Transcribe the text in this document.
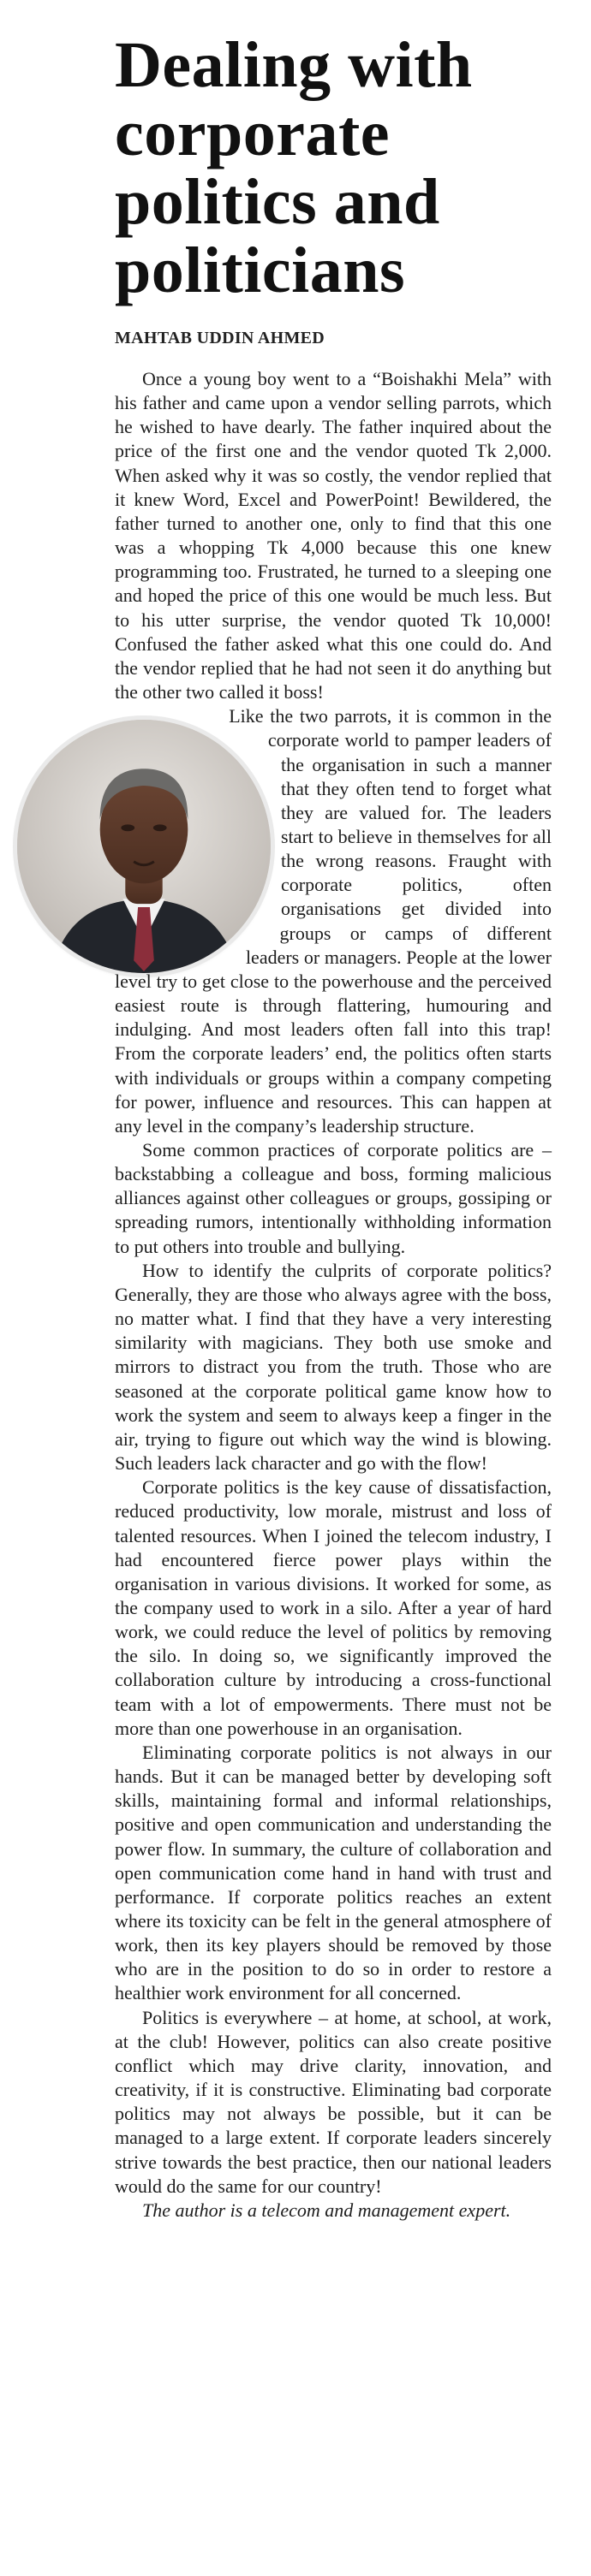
Dealing with corporate politics and politicians
MAHTAB UDDIN AHMED

Once a young boy went to a “Boishakhi Mela” with his father and came upon a vendor selling parrots, which he wished to have dearly. The father inquired about the price of the first one and the vendor quoted Tk 2,000. When asked why it was so costly, the vendor replied that it knew Word, Excel and PowerPoint! Bewildered, the father turned to another one, only to find that this one was a whopping Tk 4,000 because this one knew programming too. Frustrated, he turned to a sleeping one and hoped the price of this one would be much less. But to his utter surprise, the vendor quoted Tk 10,000! Confused the father asked what this one could do. And the vendor replied that he had not seen it do anything but the other two called it boss!

Like the two parrots, it is common in the corporate world to pamper leaders of the organisation in such a manner that they often tend to forget what they are valued for. The leaders start to believe in themselves for all the wrong reasons. Fraught with corporate politics, often organisations get divided into groups or camps of different leaders or managers. People at the lower level try to get close to the powerhouse and the perceived easiest route is through flattering, humouring and indulging. And most leaders often fall into this trap! From the corporate leaders’ end, the politics often starts with individuals or groups within a company competing for power, influence and resources. This can happen at any level in the company’s leadership structure.

Some common practices of corporate politics are – backstabbing a colleague and boss, forming malicious alliances against other colleagues or groups, gossiping or spreading rumors, intentionally withholding information to put others into trouble and bullying.

How to identify the culprits of corporate politics? Generally, they are those who always agree with the boss, no matter what. I find that they have a very interesting similarity with magicians. They both use smoke and mirrors to distract you from the truth. Those who are seasoned at the corporate political game know how to work the system and seem to always keep a finger in the air, trying to figure out which way the wind is blowing. Such leaders lack character and go with the flow!

Corporate politics is the key cause of dissatisfaction, reduced productivity, low morale, mistrust and loss of talented resources. When I joined the telecom industry, I had encountered fierce power plays within the organisation in various divisions. It worked for some, as the company used to work in a silo. After a year of hard work, we could reduce the level of politics by removing the silo. In doing so, we significantly improved the collaboration culture by introducing a cross-functional team with a lot of empowerments. There must not be more than one powerhouse in an organisation.

Eliminating corporate politics is not always in our hands. But it can be managed better by developing soft skills, maintaining formal and informal relationships, positive and open communication and understanding the power flow. In summary, the culture of collaboration and open communication come hand in hand with trust and performance. If corporate politics reaches an extent where its toxicity can be felt in the general atmosphere of work, then its key players should be removed by those who are in the position to do so in order to restore a healthier work environment for all concerned.

Politics is everywhere – at home, at school, at work, at the club! However, politics can also create positive conflict which may drive clarity, innovation, and creativity, if it is constructive. Eliminating bad corporate politics may not always be possible, but it can be managed to a large extent. If corporate leaders sincerely strive towards the best practice, then our national leaders would do the same for our country!

The author is a telecom and management expert.
